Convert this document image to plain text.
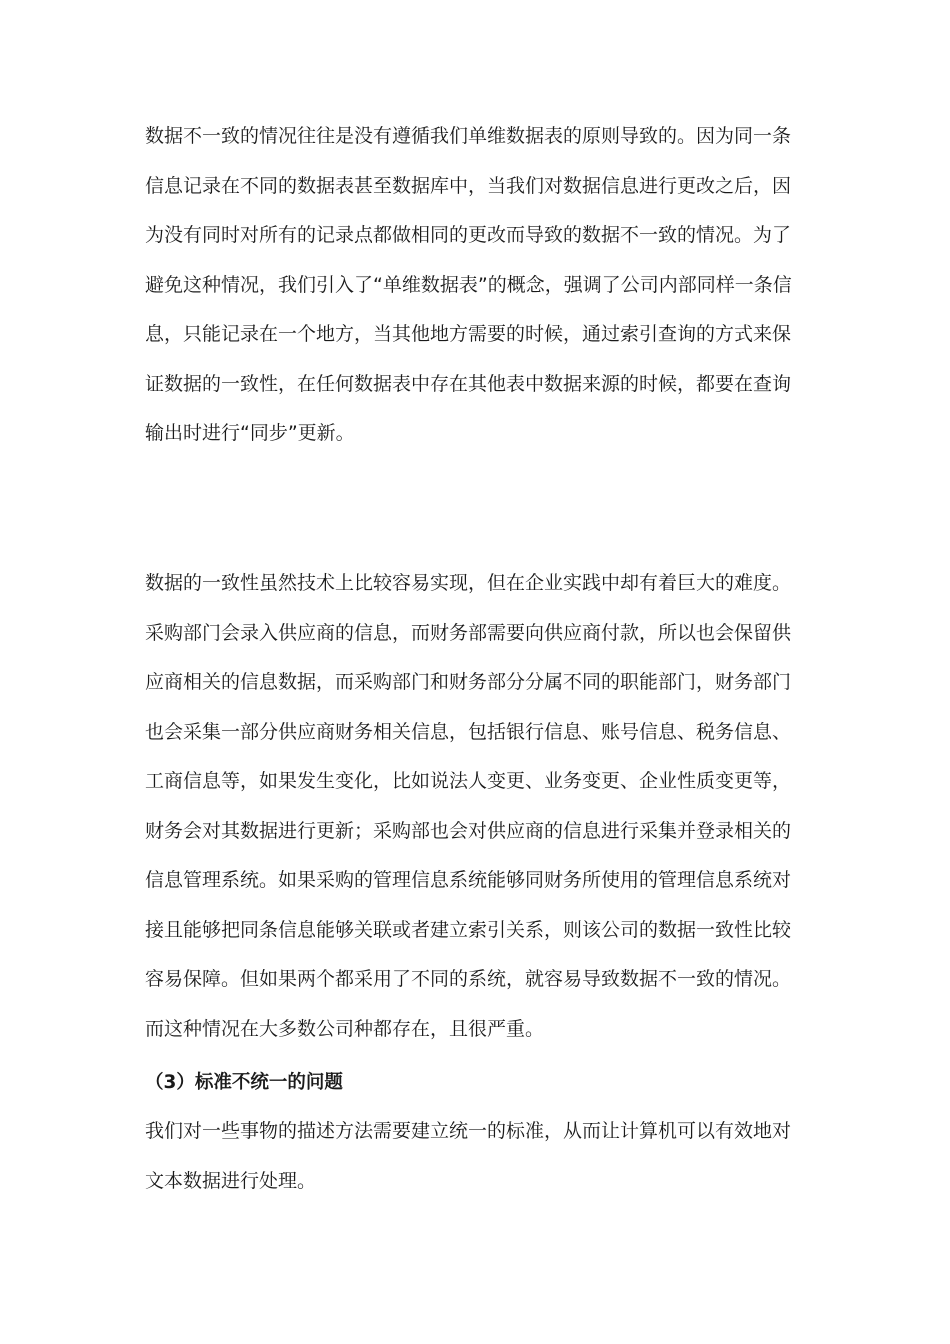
数据不一致的情况往往是没有遵循我们单维数据表的原则导致的。因为同一条信息记录在不同的数据表甚至数据库中，当我们对数据信息进行更改之后，因为没有同时对所有的记录点都做相同的更改而导致的数据不一致的情况。为了避免这种情况，我们引入了“单维数据表”的概念，强调了公司内部同样一条信息，只能记录在一个地方，当其他地方需要的时候，通过索引查询的方式来保证数据的一致性，在任何数据表中存在其他表中数据来源的时候，都要在查询输出时进行“同步”更新。

数据的一致性虽然技术上比较容易实现，但在企业实践中却有着巨大的难度。采购部门会录入供应商的信息，而财务部需要向供应商付款，所以也会保留供应商相关的信息数据，而采购部门和财务部分分属不同的职能部门，财务部门也会采集一部分供应商财务相关信息，包括银行信息、账号信息、税务信息、工商信息等，如果发生变化，比如说法人变更、业务变更、企业性质变更等，财务会对其数据进行更新；采购部也会对供应商的信息进行采集并登录相关的信息管理系统。如果采购的管理信息系统能够同财务所使用的管理信息系统对接且能够把同条信息能够关联或者建立索引关系，则该公司的数据一致性比较容易保障。但如果两个都采用了不同的系统，就容易导致数据不一致的情况。而这种情况在大多数公司种都存在，且很严重。

（3）标准不统一的问题

我们对一些事物的描述方法需要建立统一的标准，从而让计算机可以有效地对文本数据进行处理。
